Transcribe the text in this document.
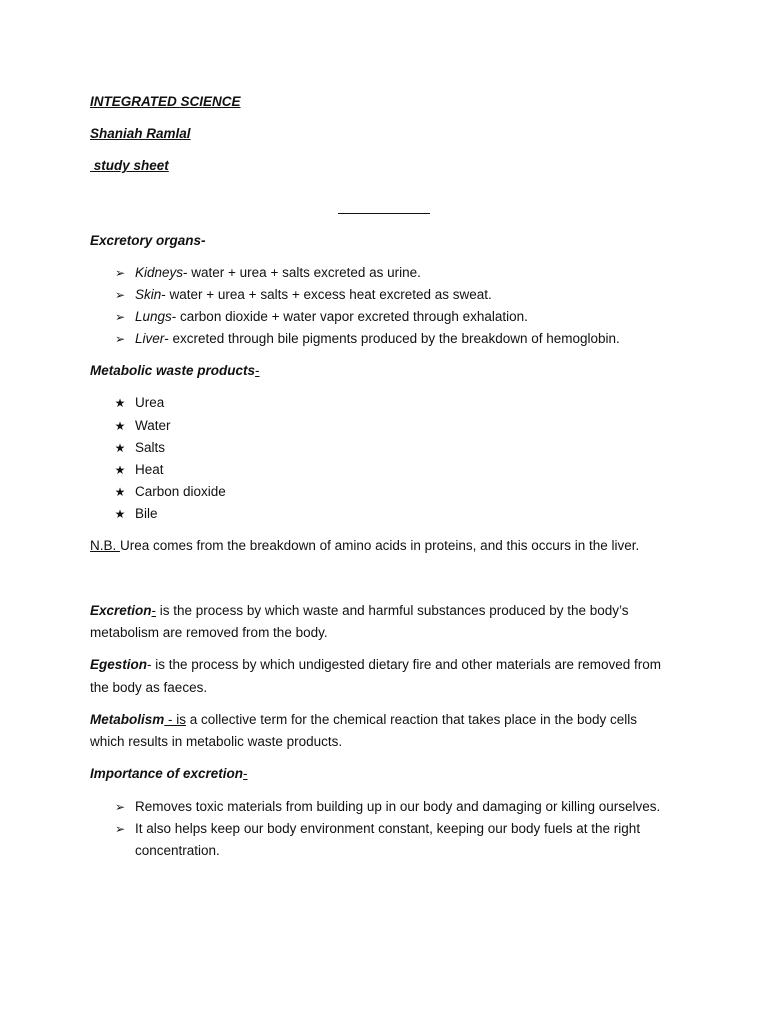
INTEGRATED SCIENCE
Shaniah Ramlal
study sheet
Excretory organs-
➢ Kidneys- water + urea + salts excreted as urine.
➢ Skin- water + urea + salts + excess heat excreted as sweat.
➢ Lungs- carbon dioxide + water vapor excreted through exhalation.
➢ Liver- excreted through bile pigments produced by the breakdown of hemoglobin.
Metabolic waste products-
★ Urea
★ Water
★ Salts
★ Heat
★ Carbon dioxide
★ Bile
N.B. Urea comes from the breakdown of amino acids in proteins, and this occurs in the liver.
Excretion- is the process by which waste and harmful substances produced by the body’s
metabolism are removed from the body.
Egestion- is the process by which undigested dietary fire and other materials are removed from
the body as faeces.
Metabolism - is a collective term for the chemical reaction that takes place in the body cells
which results in metabolic waste products.
Importance of excretion-
➢ Removes toxic materials from building up in our body and damaging or killing ourselves.
➢ It also helps keep our body environment constant, keeping our body fuels at the right
concentration.
